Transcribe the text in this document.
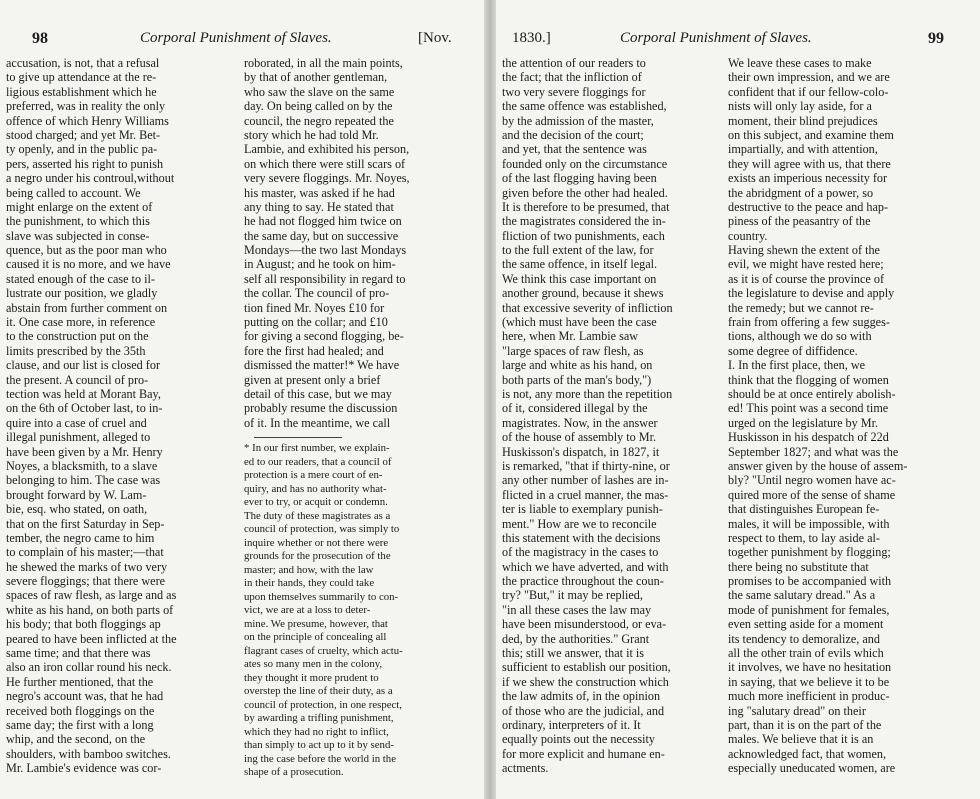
98	Corporal Punishment of Slaves.	[Nov.
accusation, is not, that a refusal
to give up attendance at the re-
ligious establishment which he
preferred, was in reality the only
offence of which Henry Williams
stood charged; and yet Mr. Bet-
ty openly, and in the public pa-
pers, asserted his right to punish
a negro under his controul,without
being called to account. We
might enlarge on the extent of
the punishment, to which this
slave was subjected in conse-
quence, but as the poor man who
caused it is no more, and we have
stated enough of the case to il-
lustrate our position, we gladly
abstain from further comment on
it. One case more, in reference
to the construction put on the
limits prescribed by the 35th
clause, and our list is closed for
the present. A council of pro-
tection was held at Morant Bay,
on the 6th of October last, to in-
quire into a case of cruel and
illegal punishment, alleged to
have been given by a Mr. Henry
Noyes, a blacksmith, to a slave
belonging to him. The case was
brought forward by W. Lam-
bie, esq. who stated, on oath,
that on the first Saturday in Sep-
tember, the negro came to him
to complain of his master;—that
he shewed the marks of two very
severe floggings; that there were
spaces of raw flesh, as large and as
white as his hand, on both parts of
his body; that both floggings ap
peared to have been inflicted at the
same time; and that there was
also an iron collar round his neck.
He further mentioned, that the
negro's account was, that he had
received both floggings on the
same day; the first with a long
whip, and the second, on the
shoulders, with bamboo switches.
Mr. Lambie's evidence was cor-
roborated, in all the main points,
by that of another gentleman,
who saw the slave on the same
day. On being called on by the
council, the negro repeated the
story which he had told Mr.
Lambie, and exhibited his person,
on which there were still scars of
very severe floggings. Mr. Noyes,
his master, was asked if he had
any thing to say. He stated that
he had not flogged him twice on
the same day, but on successive
Mondays—the two last Mondays
in August; and he took on him-
self all responsibility in regard to
the collar. The council of pro-
tion fined Mr. Noyes £10 for
putting on the collar; and £10
for giving a second flogging, be-
fore the first had healed; and
dismissed the matter!* We have
given at present only a brief
detail of this case, but we may
probably resume the discussion
of it. In the meantime, we call
* In our first number, we explain-
ed to our readers, that a council of
protection is a mere court of en-
quiry, and has no authority what-
ever to try, or acquit or condemn.
The duty of these magistrates as a
council of protection, was simply to
inquire whether or not there were
grounds for the prosecution of the
master; and how, with the law
in their hands, they could take
upon themselves summarily to con-
vict, we are at a loss to deter-
mine. We presume, however, that
on the principle of concealing all
flagrant cases of cruelty, which actu-
ates so many men in the colony,
they thought it more prudent to
overstep the line of their duty, as a
council of protection, in one respect,
by awarding a trifling punishment,
which they had no right to inflict,
than simply to act up to it by send-
ing the case before the world in the
shape of a prosecution.
1830.]	Corporal Punishment of Slaves.	99
the attention of our readers to
the fact; that the infliction of
two very severe floggings for
the same offence was established,
by the admission of the master,
and the decision of the court;
and yet, that the sentence was
founded only on the circumstance
of the last flogging having been
given before the other had healed.
It is therefore to be presumed, that
the magistrates considered the in-
fliction of two punishments, each
to the full extent of the law, for
the same offence, in itself legal.
We think this case important on
another ground, because it shews
that excessive severity of infliction
(which must have been the case
here, when Mr. Lambie saw
"large spaces of raw flesh, as
large and white as his hand, on
both parts of the man's body,")
is not, any more than the repetition
of it, considered illegal by the
magistrates. Now, in the answer
of the house of assembly to Mr.
Huskisson's dispatch, in 1827, it
is remarked, "that if thirty-nine, or
any other number of lashes are in-
flicted in a cruel manner, the mas-
ter is liable to exemplary punish-
ment." How are we to reconcile
this statement with the decisions
of the magistracy in the cases to
which we have adverted, and with
the practice throughout the coun-
try? "But," it may be replied,
"in all these cases the law may
have been misunderstood, or eva-
ded, by the authorities." Grant
this; still we answer, that it is
sufficient to establish our position,
if we shew the construction which
the law admits of, in the opinion
of those who are the judicial, and
ordinary, interpreters of it. It
equally points out the necessity
for more explicit and humane en-
actments.
We leave these cases to make
their own impression, and we are
confident that if our fellow-colo-
nists will only lay aside, for a
moment, their blind prejudices
on this subject, and examine them
impartially, and with attention,
they will agree with us, that there
exists an imperious necessity for
the abridgment of a power, so
destructive to the peace and hap-
piness of the peasantry of the
country.
Having shewn the extent of the
evil, we might have rested here;
as it is of course the province of
the legislature to devise and apply
the remedy; but we cannot re-
frain from offering a few sugges-
tions, although we do so with
some degree of diffidence.
I. In the first place, then, we
think that the flogging of women
should be at once entirely abolish-
ed! This point was a second time
urged on the legislature by Mr.
Huskisson in his despatch of 22d
September 1827; and what was the
answer given by the house of assem-
bly? "Until negro women have ac-
quired more of the sense of shame
that distinguishes European fe-
males, it will be impossible, with
respect to them, to lay aside al-
together punishment by flogging;
there being no substitute that
promises to be accompanied with
the same salutary dread." As a
mode of punishment for females,
even setting aside for a moment
its tendency to demoralize, and
all the other train of evils which
it involves, we have no hesitation
in saying, that we believe it to be
much more inefficient in produc-
ing "salutary dread" on their
part, than it is on the part of the
males. We believe that it is an
acknowledged fact, that women,
especially uneducated women, are
